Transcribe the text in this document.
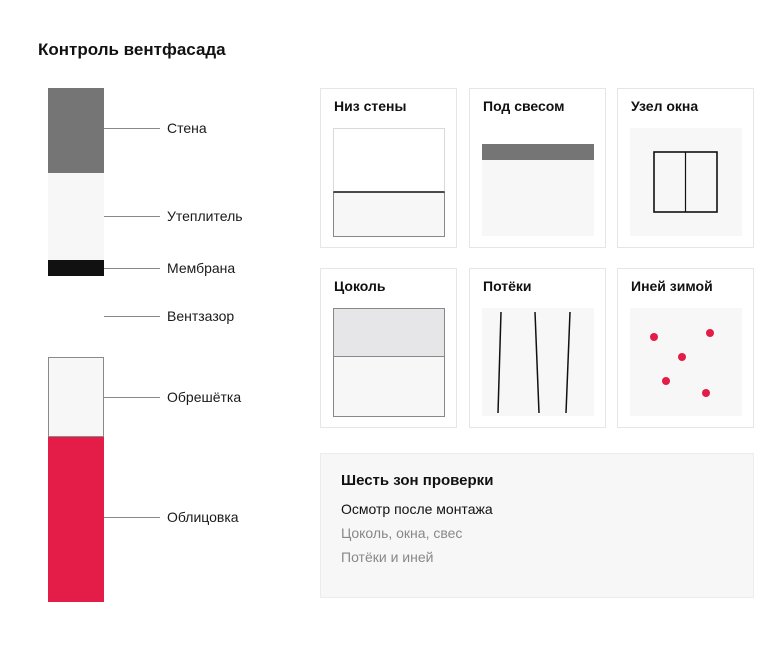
Контроль вентфасада
Стена
Утеплитель
Мембрана
Вентзазор
Обрешётка
Облицовка
Низ стены	Под свесом	Узел окна
Цоколь	Потёки	Иней зимой
Шесть зон проверки
Осмотр после монтажа
Цоколь, окна, свес
Потёки и иней
